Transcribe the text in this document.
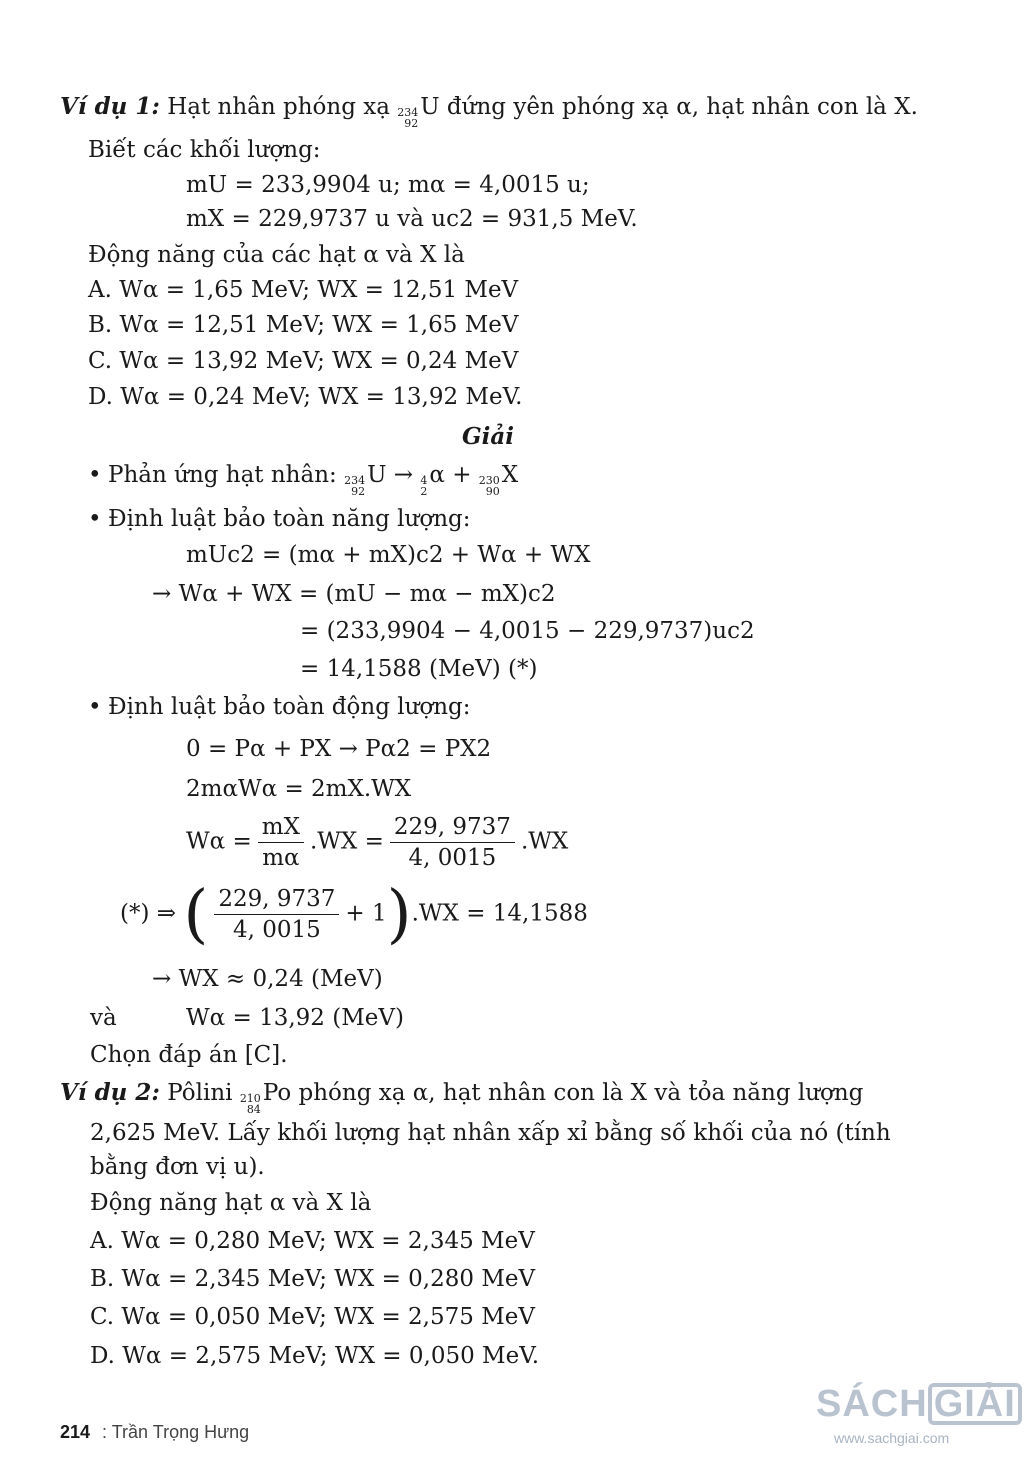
Ví dụ 1: Hạt nhân phóng xạ 234
92
U đứng yên phóng xạ α, hạt nhân con là X.
Biết các khối lượng:
mU = 233,9904 u; mα = 4,0015 u;
mX = 229,9737 u và uc2 = 931,5 MeV.
Động năng của các hạt α và X là
A. Wα = 1,65 MeV; WX = 12,51 MeV
B. Wα = 12,51 MeV; WX = 1,65 MeV
C. Wα = 13,92 MeV; WX = 0,24 MeV
D. Wα = 0,24 MeV; WX = 13,92 MeV.
Giải
• Phản ứng hạt nhân: 234
92
U → 4
2
α + 230
90
X
• Định luật bảo toàn năng lượng:
mUc2 = (mα + mX)c2 + Wα + WX
→ Wα + WX = (mU − mα − mX)c2
= (233,9904 − 4,0015 − 229,9737)uc2
= 14,1588 (MeV) (*)
• Định luật bảo toàn động lượng:
0 = Pα + PX → Pα2 = PX2
2mαWα = 2mX.WX
$W\alpha = \frac{mX}{m\alpha} .WX = \frac{229, 9737}{4, 0015} .WX$
(*) ⇒ ( $\frac{229, 9737}{4, 0015} + 1).WX = 14,1588$
→ WX ≈ 0,24 (MeV)
và	Wα = 13,92 (MeV)
Chọn đáp án [C].
Ví dụ 2: Pôlini 210
84
Po phóng xạ α, hạt nhân con là X và tỏa năng lượng
2,625 MeV. Lấy khối lượng hạt nhân xấp xỉ bằng số khối của nó (tính
bằng đơn vị u).
Động năng hạt α và X là
A. Wα = 0,280 MeV; WX = 2,345 MeV
B. Wα = 2,345 MeV; WX = 0,280 MeV
C. Wα = 0,050 MeV; WX = 2,575 MeV
D. Wα = 2,575 MeV; WX = 0,050 MeV.
214 : Trần Trọng Hưng
SÁCH GIẢI
www.sachgiai.com
